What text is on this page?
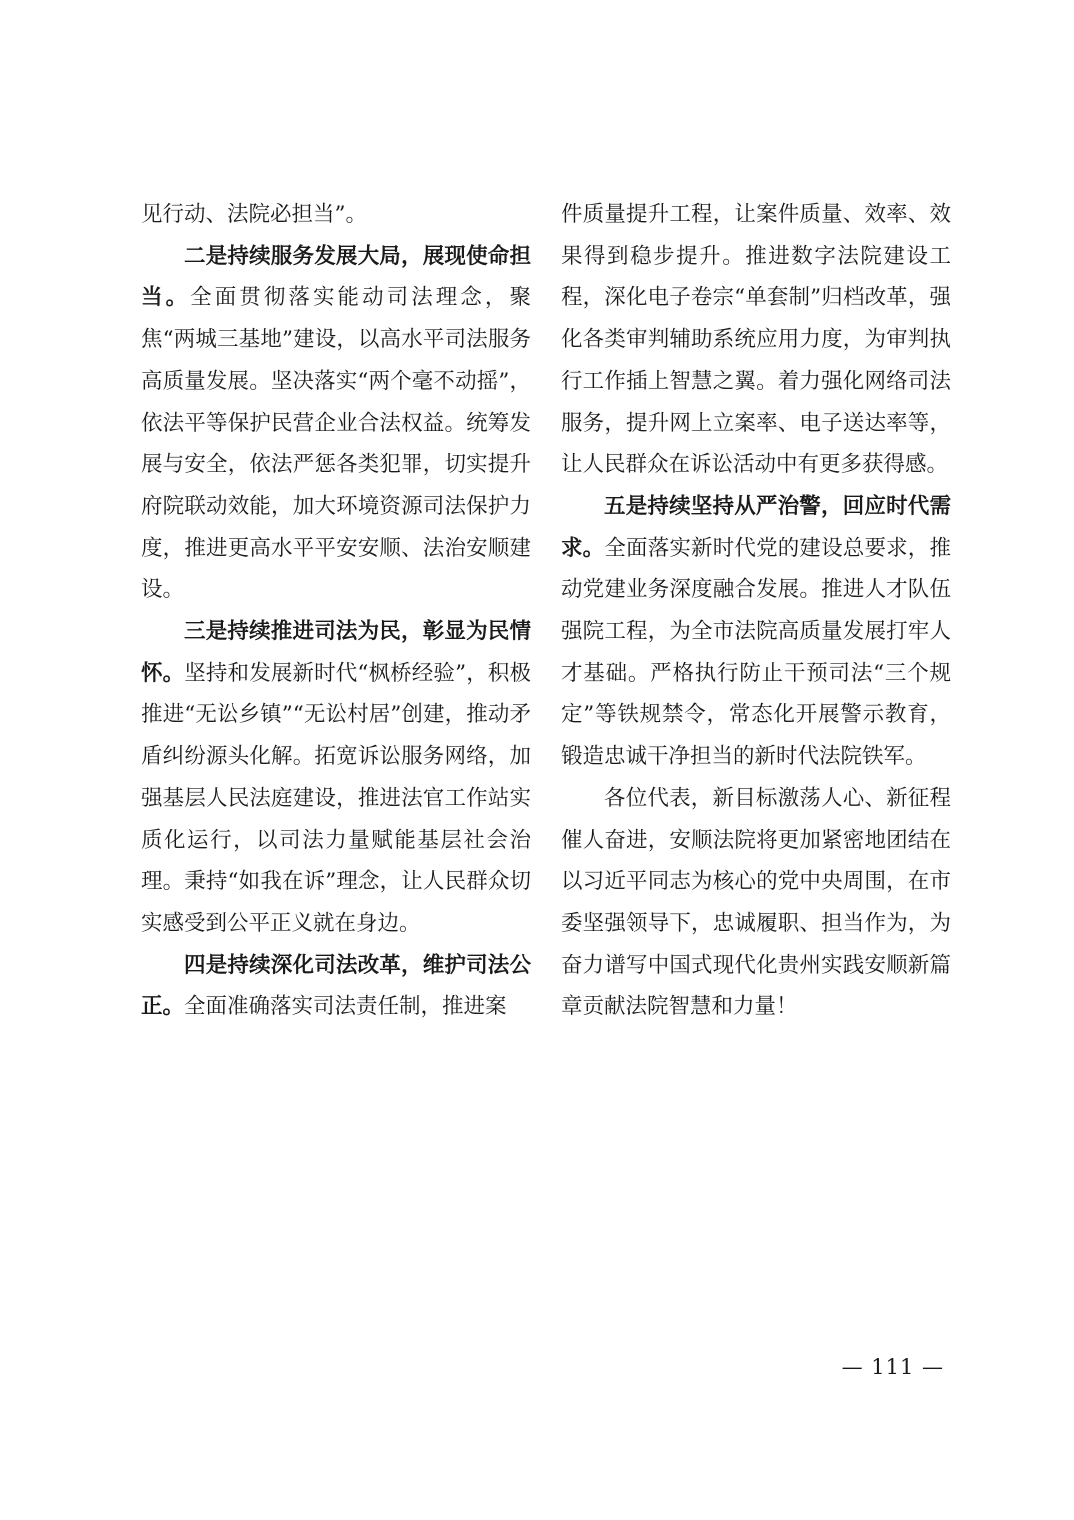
见行动、法院必担当”。

二是持续服务发展大局，展现使命担当。全面贯彻落实能动司法理念，聚焦“两城三基地”建设，以高水平司法服务高质量发展。坚决落实“两个毫不动摇”，依法平等保护民营企业合法权益。统筹发展与安全，依法严惩各类犯罪，切实提升府院联动效能，加大环境资源司法保护力度，推进更高水平平安安顺、法治安顺建设。

三是持续推进司法为民，彰显为民情怀。坚持和发展新时代“枫桥经验”，积极推进“无讼乡镇”“无讼村居”创建，推动矛盾纠纷源头化解。拓宽诉讼服务网络，加强基层人民法庭建设，推进法官工作站实质化运行，以司法力量赋能基层社会治理。秉持“如我在诉”理念，让人民群众切实感受到公平正义就在身边。

四是持续深化司法改革，维护司法公正。全面准确落实司法责任制，推进案

件质量提升工程，让案件质量、效率、效果得到稳步提升。推进数字法院建设工程，深化电子卷宗“单套制”归档改革，强化各类审判辅助系统应用力度，为审判执行工作插上智慧之翼。着力强化网络司法服务，提升网上立案率、电子送达率等，让人民群众在诉讼活动中有更多获得感。

五是持续坚持从严治警，回应时代需求。全面落实新时代党的建设总要求，推动党建业务深度融合发展。推进人才队伍强院工程，为全市法院高质量发展打牢人才基础。严格执行防止干预司法“三个规定”等铁规禁令，常态化开展警示教育，锻造忠诚干净担当的新时代法院铁军。

各位代表，新目标激荡人心、新征程催人奋进，安顺法院将更加紧密地团结在以习近平同志为核心的党中央周围，在市委坚强领导下，忠诚履职、担当作为，为奋力谱写中国式现代化贵州实践安顺新篇章贡献法院智慧和力量！

— 111 —
